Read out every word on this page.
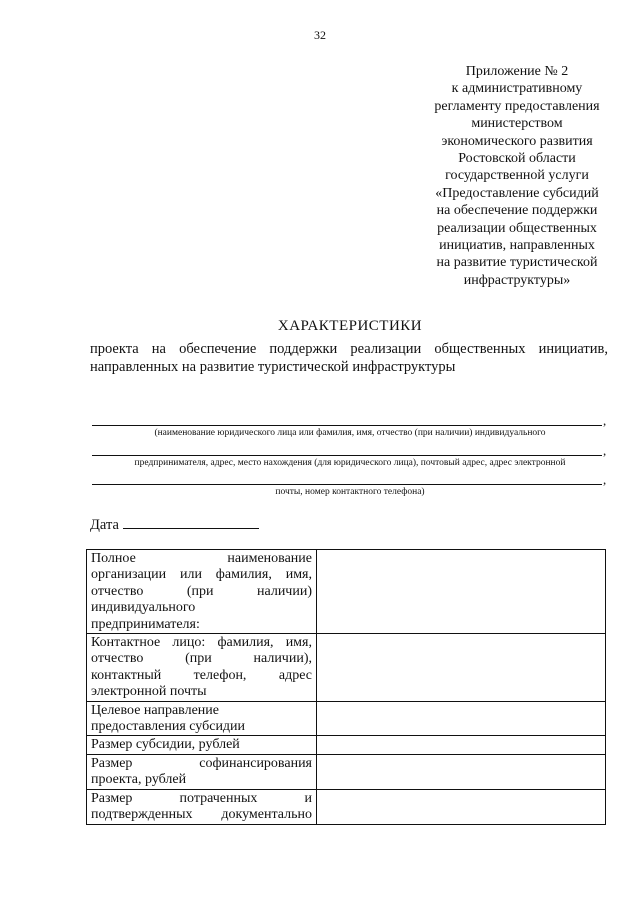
32
Приложение № 2
к административному
регламенту предоставления
министерством
экономического развития
Ростовской области
государственной услуги
«Предоставление субсидий
на обеспечение поддержки
реализации общественных
инициатив, направленных
на развитие туристической
инфраструктуры»
ХАРАКТЕРИСТИКИ
проекта на обеспечение поддержки реализации общественных инициатив,
направленных на развитие туристической инфраструктуры
,
(наименование юридического лица или фамилия, имя, отчество (при наличии) индивидуального
,
предпринимателя, адрес, место нахождения (для юридического лица), почтовый адрес, адрес электронной
,
почты, номер контактного телефона)
Дата
Полное наименование
организации или фамилия, имя,
отчество (при наличии)
индивидуального
предпринимателя:	

Контактное лицо: фамилия, имя,
отчество (при наличии),
контактный телефон, адрес
электронной почты	

Целевое направление
предоставления субсидии	

Размер субсидии, рублей	

Размер софинансирования
проекта, рублей	

Размер потраченных и
подтвержденных документально	
